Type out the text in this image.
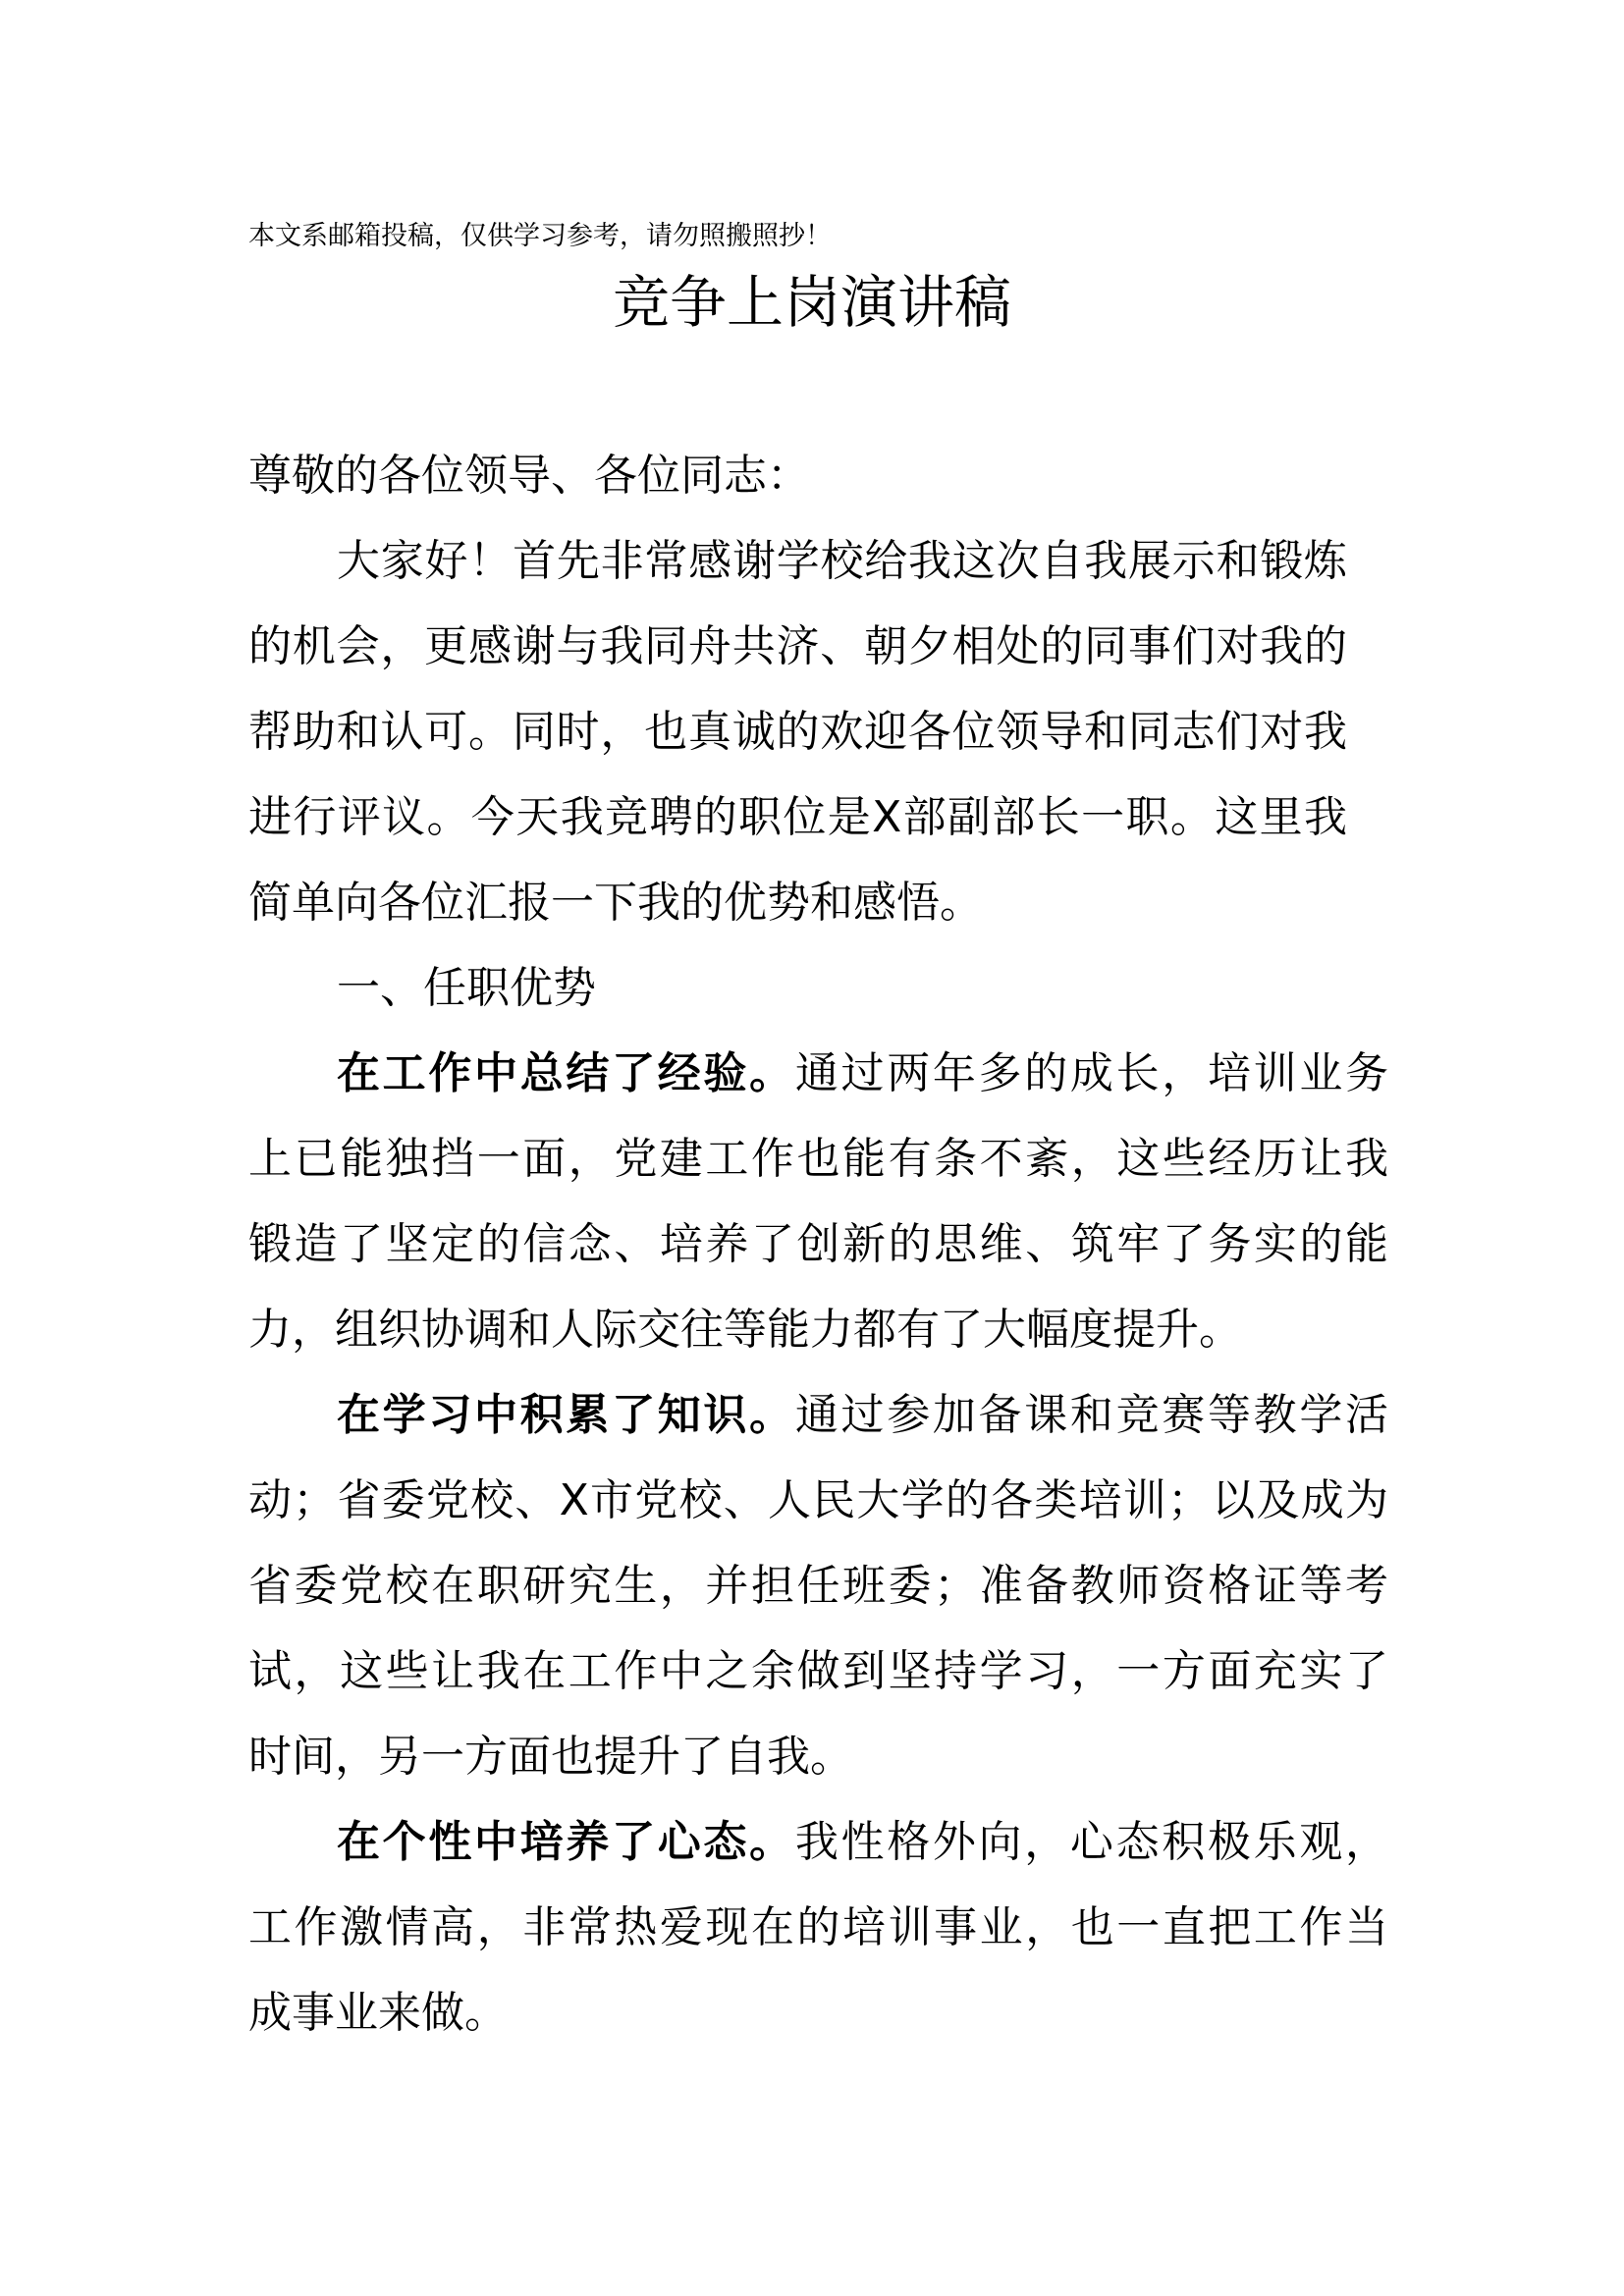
本文系邮箱投稿，仅供学习参考，请勿照搬照抄！
竞争上岗演讲稿
尊敬的各位领导、各位同志：
大家好！首先非常感谢学校给我这次自我展示和锻炼
的机会，更感谢与我同舟共济、朝夕相处的同事们对我的
帮助和认可。同时，也真诚的欢迎各位领导和同志们对我
进行评议。今天我竞聘的职位是X部副部长一职。这里我
简单向各位汇报一下我的优势和感悟。
一、任职优势
在工作中总结了经验。通过两年多的成长，培训业务
上已能独挡一面，党建工作也能有条不紊，这些经历让我
锻造了坚定的信念、培养了创新的思维、筑牢了务实的能
力，组织协调和人际交往等能力都有了大幅度提升。
在学习中积累了知识。通过参加备课和竞赛等教学活
动；省委党校、X市党校、人民大学的各类培训；以及成为
省委党校在职研究生，并担任班委；准备教师资格证等考
试，这些让我在工作中之余做到坚持学习，一方面充实了
时间，另一方面也提升了自我。
在个性中培养了心态。我性格外向，心态积极乐观，
工作激情高，非常热爱现在的培训事业，也一直把工作当
成事业来做。
